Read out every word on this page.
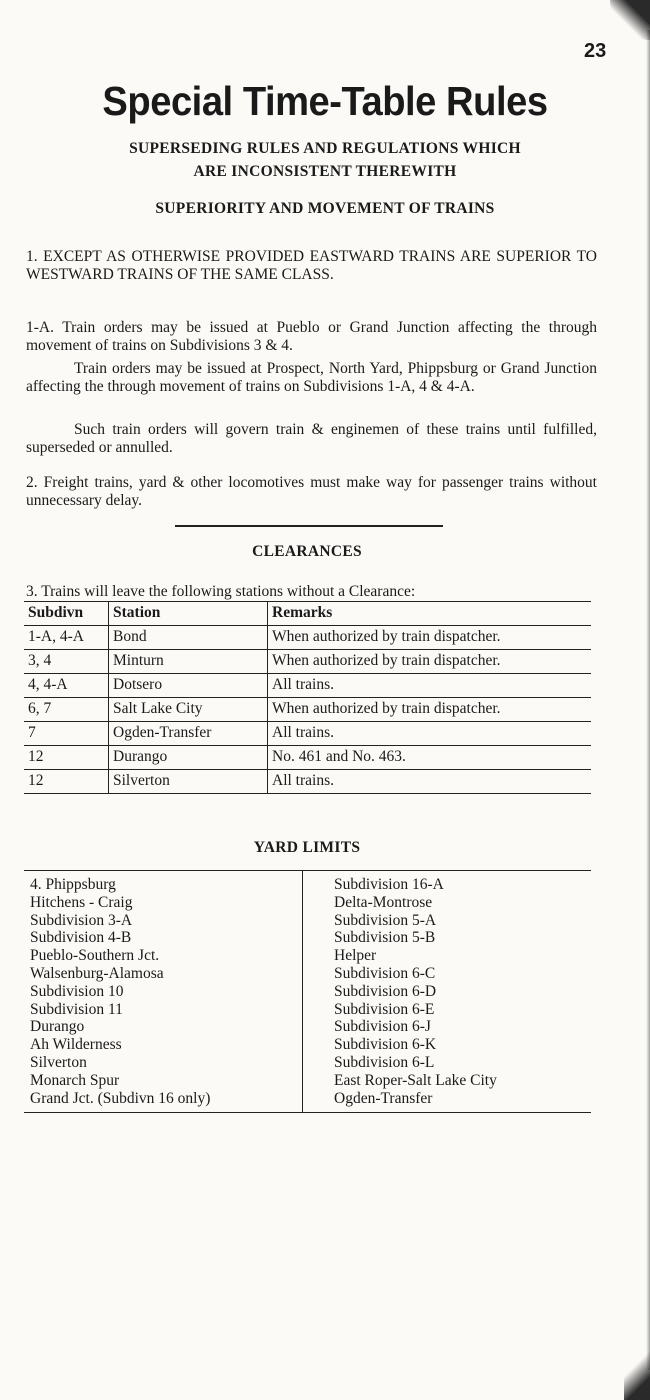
23
Special Time-Table Rules
SUPERSEDING RULES AND REGULATIONS WHICH
ARE INCONSISTENT THEREWITH
SUPERIORITY AND MOVEMENT OF TRAINS
1. EXCEPT AS OTHERWISE PROVIDED EASTWARD TRAINS ARE SUPERIOR TO WESTWARD TRAINS OF THE SAME CLASS.
1-A. Train orders may be issued at Pueblo or Grand Junction affecting the through movement of trains on Subdivisions 3 & 4.
Train orders may be issued at Prospect, North Yard, Phippsburg or Grand Junction affecting the through movement of trains on Subdivisions 1-A, 4 & 4-A.
Such train orders will govern train & enginemen of these trains until fulfilled, superseded or annulled.
2. Freight trains, yard & other locomotives must make way for passenger trains without unnecessary delay.
CLEARANCES
3. Trains will leave the following stations without a Clearance:
Subdivn	Station	Remarks
1-A, 4-A	Bond	When authorized by train dispatcher.
3, 4	Minturn	When authorized by train dispatcher.
4, 4-A	Dotsero	All trains.
6, 7	Salt Lake City	When authorized by train dispatcher.
7	Ogden-Transfer	All trains.
12	Durango	No. 461 and No. 463.
12	Silverton	All trains.
YARD LIMITS
4. Phippsburg
Hitchens - Craig
Subdivision 3-A
Subdivision 4-B
Pueblo-Southern Jct.
Walsenburg-Alamosa
Subdivision 10
Subdivision 11
Durango
Ah Wilderness
Silverton
Monarch Spur
Grand Jct. (Subdivn 16 only)
Subdivision 16-A
Delta-Montrose
Subdivision 5-A
Subdivision 5-B
Helper
Subdivision 6-C
Subdivision 6-D
Subdivision 6-E
Subdivision 6-J
Subdivision 6-K
Subdivision 6-L
East Roper-Salt Lake City
Ogden-Transfer
